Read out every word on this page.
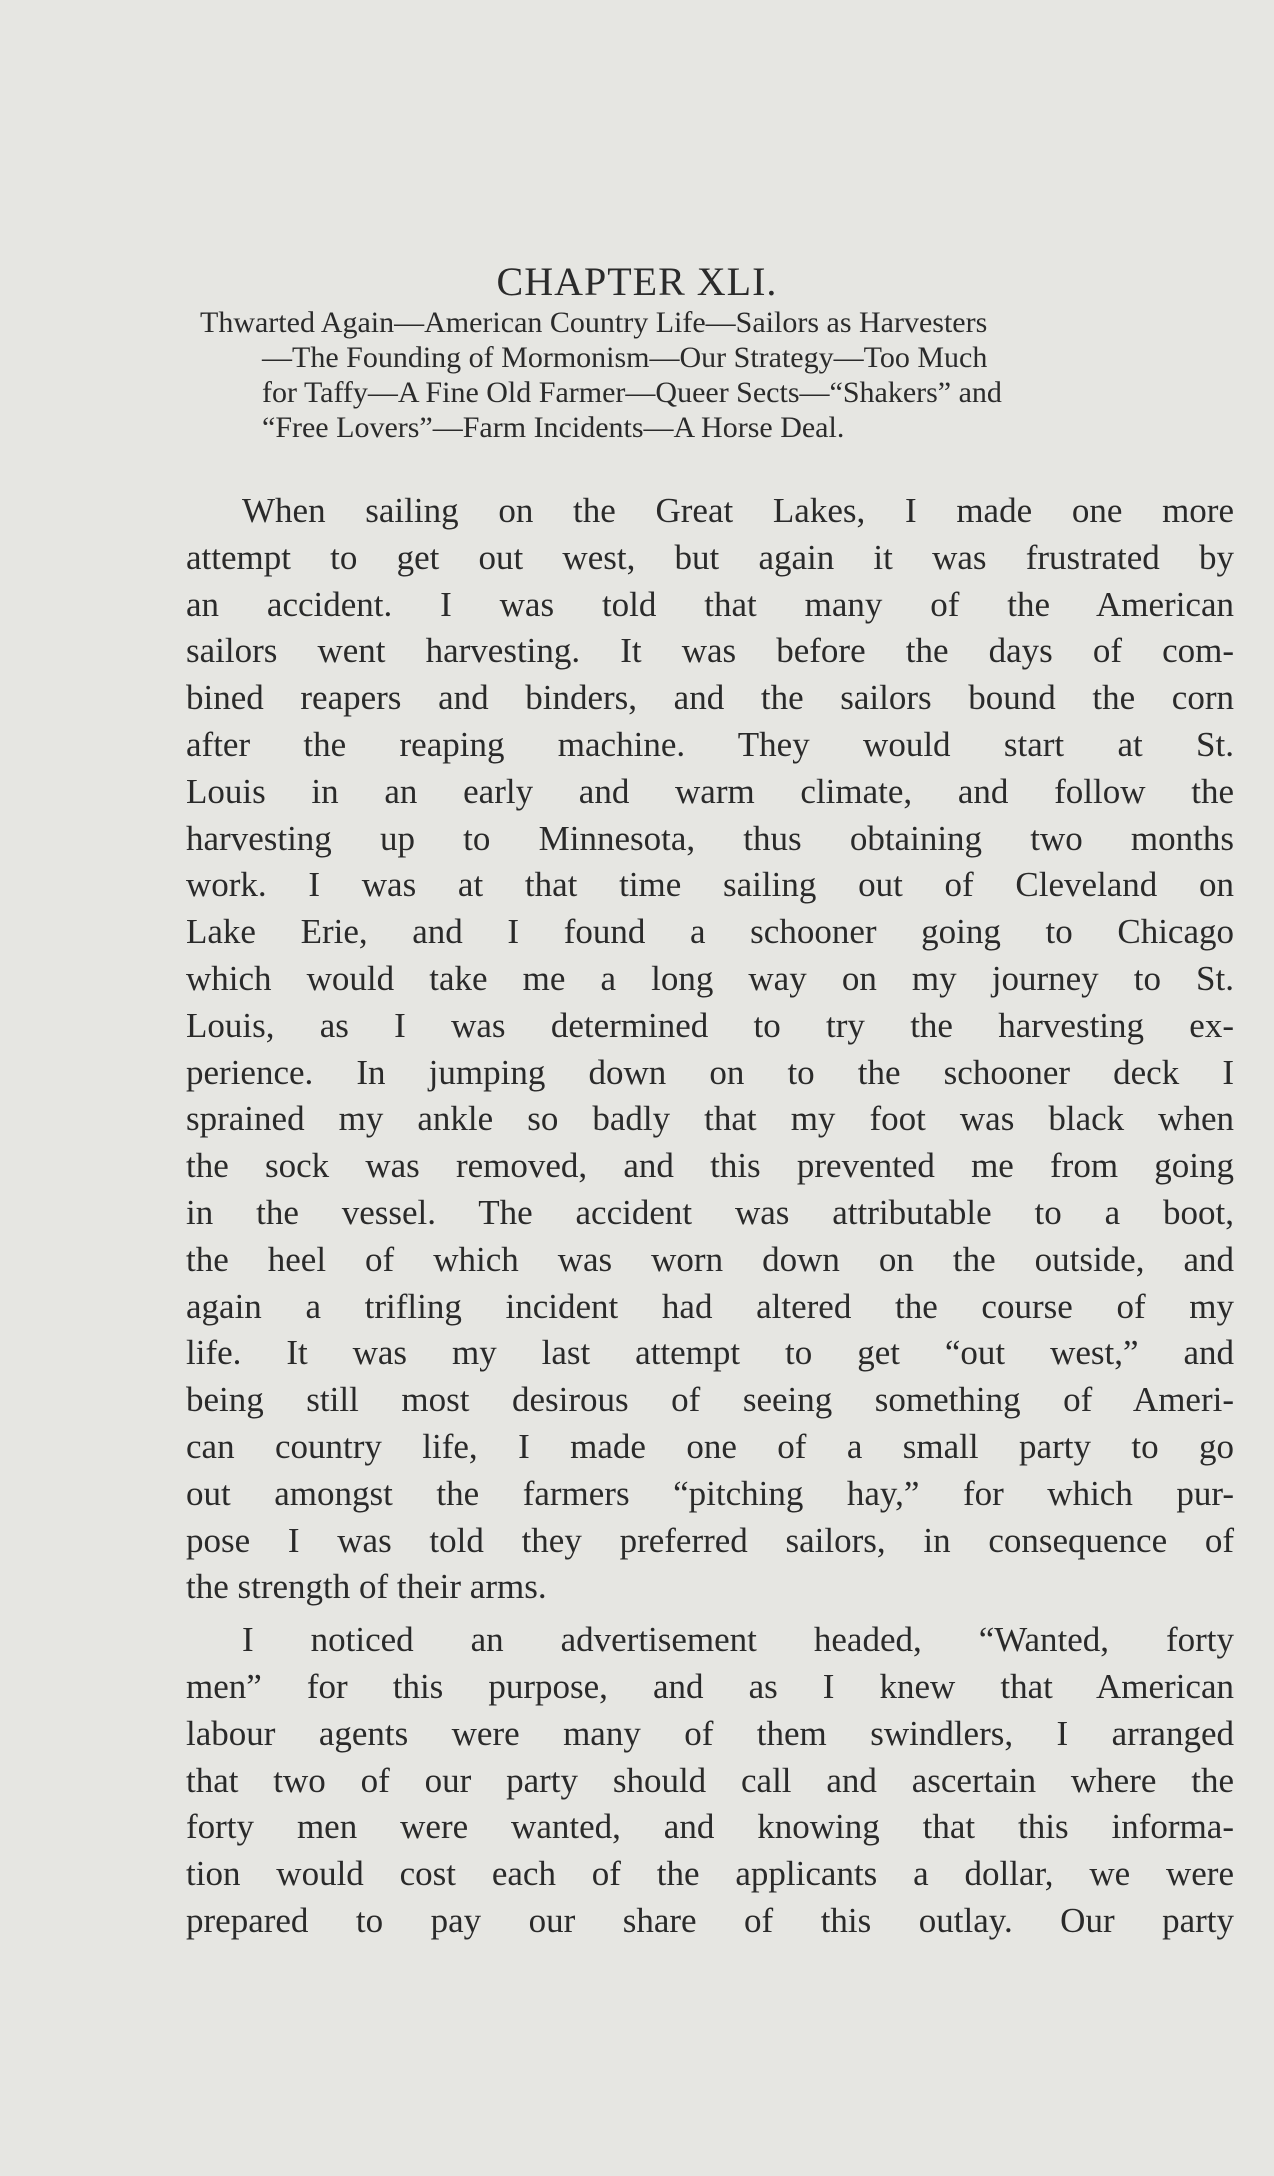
CHAPTER XLI.
Thwarted Again—American Country Life—Sailors as Harvesters
—The Founding of Mormonism—Our Strategy—Too Much
for Taffy—A Fine Old Farmer—Queer Sects—“Shakers” and
“Free Lovers”—Farm Incidents—A Horse Deal.
When sailing on the Great Lakes, I made one more
attempt to get out west, but again it was frustrated by
an accident. I was told that many of the American
sailors went harvesting. It was before the days of com-
bined reapers and binders, and the sailors bound the corn
after the reaping machine. They would start at St.
Louis in an early and warm climate, and follow the
harvesting up to Minnesota, thus obtaining two months
work. I was at that time sailing out of Cleveland on
Lake Erie, and I found a schooner going to Chicago
which would take me a long way on my journey to St.
Louis, as I was determined to try the harvesting ex-
perience. In jumping down on to the schooner deck I
sprained my ankle so badly that my foot was black when
the sock was removed, and this prevented me from going
in the vessel. The accident was attributable to a boot,
the heel of which was worn down on the outside, and
again a trifling incident had altered the course of my
life. It was my last attempt to get “out west,” and
being still most desirous of seeing something of Ameri-
can country life, I made one of a small party to go
out amongst the farmers “pitching hay,” for which pur-
pose I was told they preferred sailors, in consequence of
the strength of their arms.
I noticed an advertisement headed, “Wanted, forty
men” for this purpose, and as I knew that American
labour agents were many of them swindlers, I arranged
that two of our party should call and ascertain where the
forty men were wanted, and knowing that this informa-
tion would cost each of the applicants a dollar, we were
prepared to pay our share of this outlay. Our party
